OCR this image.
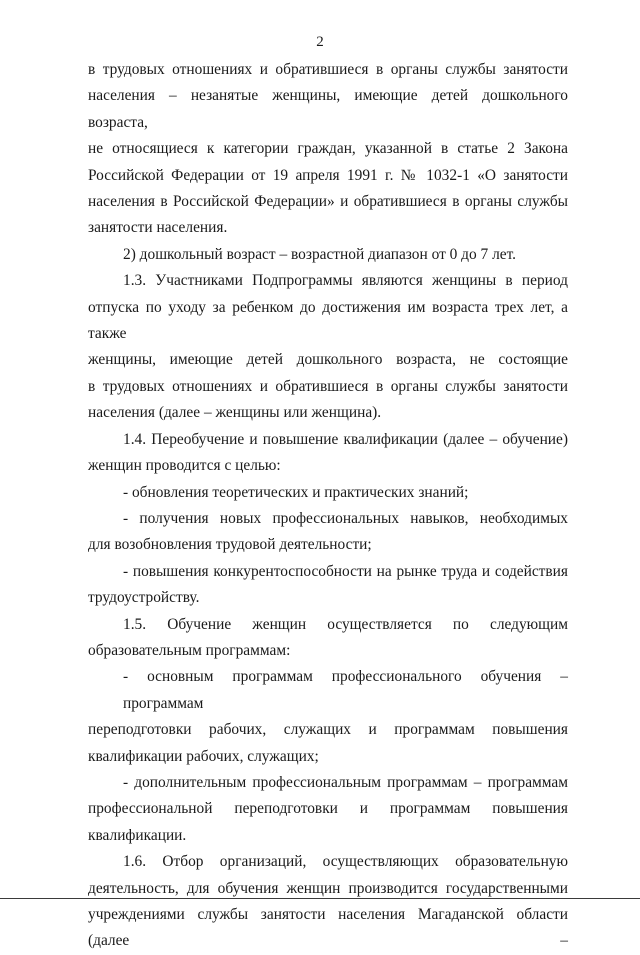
2

в трудовых отношениях и обратившиеся в органы службы занятости
населения – незанятые женщины, имеющие детей дошкольного возраста,
не относящиеся к категории граждан, указанной в статье 2 Закона
Российской Федерации от 19 апреля 1991 г. № 1032-1 «О занятости
населения в Российской Федерации» и обратившиеся в органы службы
занятости населения.

2) дошкольный возраст – возрастной диапазон от 0 до 7 лет.

1.3. Участниками Подпрограммы являются женщины в период
отпуска по уходу за ребенком до достижения им возраста трех лет, а также
женщины, имеющие детей дошкольного возраста, не состоящие
в трудовых отношениях и обратившиеся в органы службы занятости
населения (далее – женщины или женщина).

1.4. Переобучение и повышение квалификации (далее – обучение)
женщин проводится с целью:

- обновления теоретических и практических знаний;

- получения новых профессиональных навыков, необходимых
для возобновления трудовой деятельности;

- повышения конкурентоспособности на рынке труда и содействия
трудоустройству.

1.5. Обучение женщин осуществляется по следующим
образовательным программам:

- основным программам профессионального обучения – программам
переподготовки рабочих, служащих и программам повышения
квалификации рабочих, служащих;

- дополнительным профессиональным программам – программам
профессиональной переподготовки и программам повышения
квалификации.

1.6. Отбор организаций, осуществляющих образовательную
деятельность, для обучения женщин производится государственными
учреждениями службы занятости населения Магаданской области (далее –
